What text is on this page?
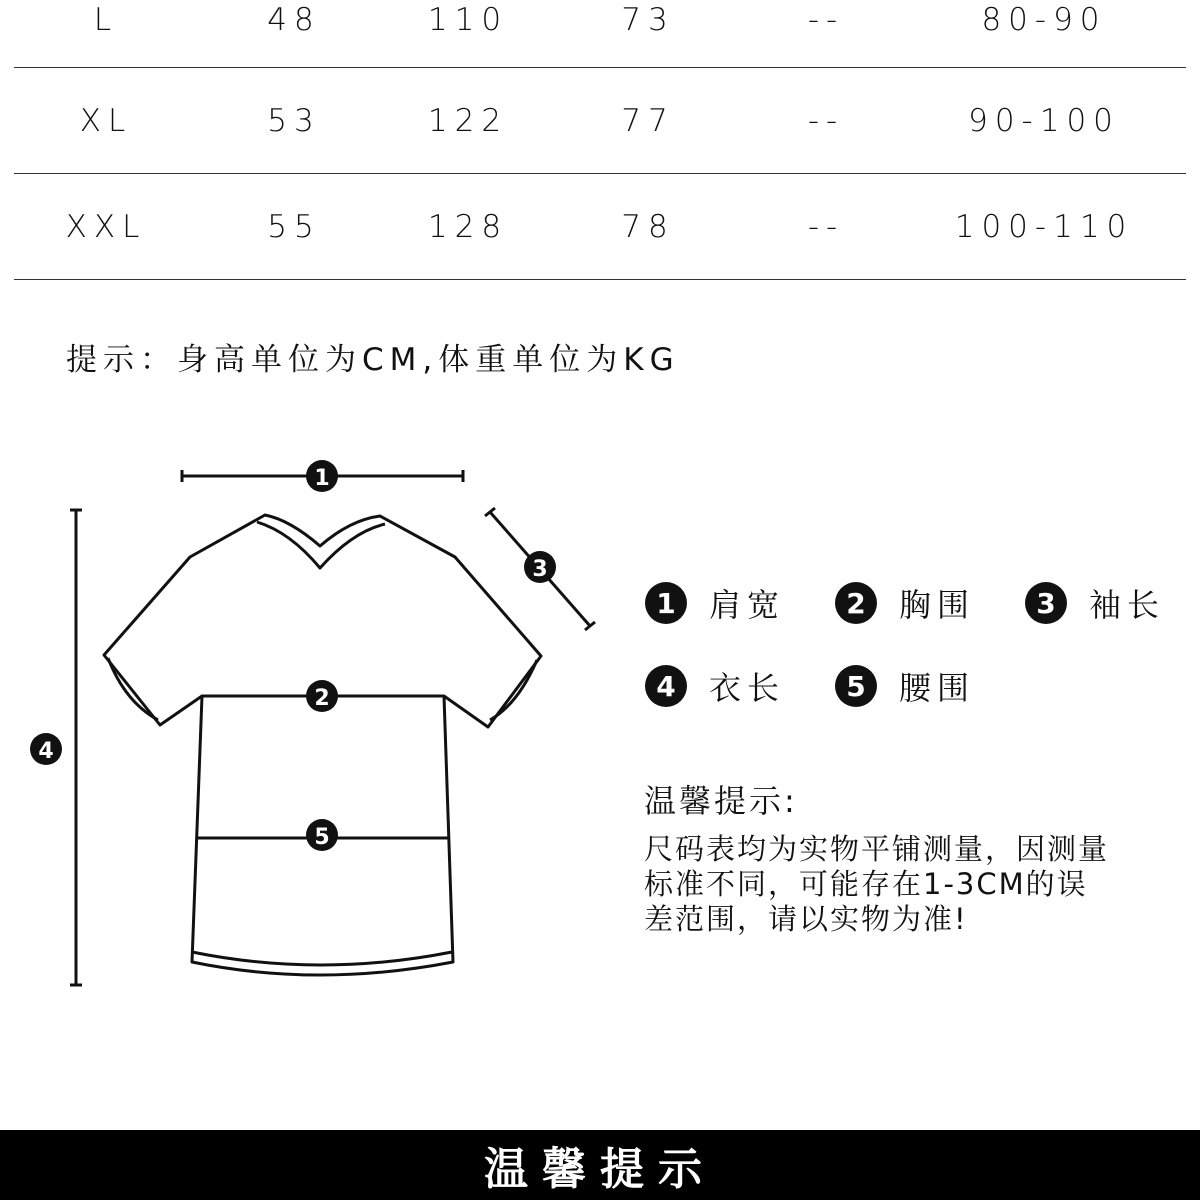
L	48	110	73	--	80-90
XL	53	122	77	--	90-100
XXL	55	128	78	--	100-110
提示：身高单位为CM,体重单位为KG
1
2
3
4
5
1	肩宽	2	胸围	3	袖长
4	衣长	5	腰围
温馨提示:
尺码表均为实物平铺测量，因测量
标准不同，可能存在1-3CM的误
差范围，请以实物为准!
温馨提示
